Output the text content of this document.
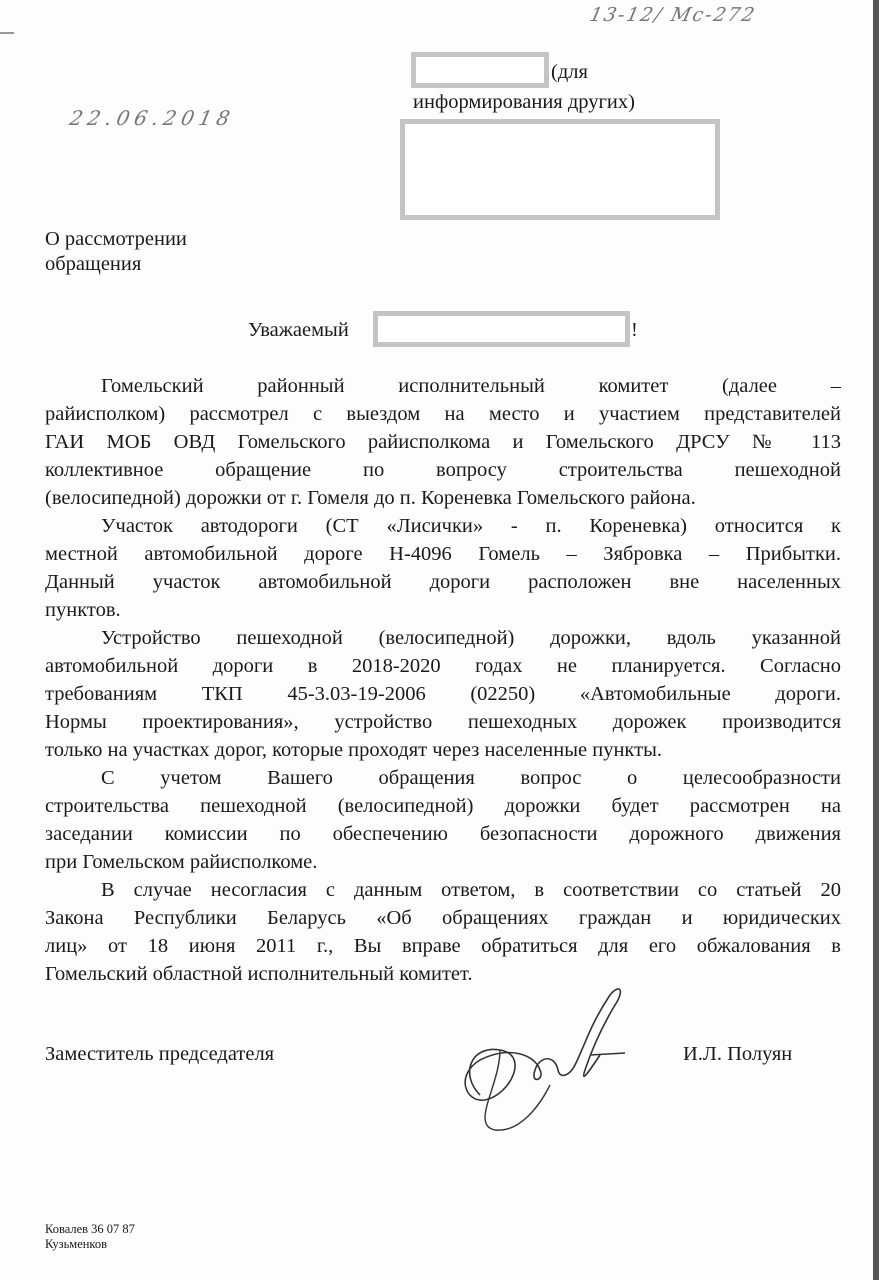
13-12/ Мс-272
22.06.2018
(для
информирования других)
О рассмотрении
обращения
Уважаемый	!
Гомельский районный исполнительный комитет (далее –
райисполком) рассмотрел с выездом на место и участием представителей
ГАИ МОБ ОВД Гомельского райисполкома и Гомельского ДРСУ № 113
коллективное обращение по вопросу строительства пешеходной
(велосипедной) дорожки от г. Гомеля до п. Кореневка Гомельского района.
Участок автодороги (СТ «Лисички» - п. Кореневка) относится к
местной автомобильной дороге Н-4096 Гомель – Зябровка – Прибытки.
Данный участок автомобильной дороги расположен вне населенных
пунктов.
Устройство пешеходной (велосипедной) дорожки, вдоль указанной
автомобильной дороги в 2018-2020 годах не планируется. Согласно
требованиям ТКП 45-3.03-19-2006 (02250) «Автомобильные дороги.
Нормы проектирования», устройство пешеходных дорожек производится
только на участках дорог, которые проходят через населенные пункты.
С учетом Вашего обращения вопрос о целесообразности
строительства пешеходной (велосипедной) дорожки будет рассмотрен на
заседании комиссии по обеспечению безопасности дорожного движения
при Гомельском райисполкоме.
В случае несогласия с данным ответом, в соответствии со статьей 20
Закона Республики Беларусь «Об обращениях граждан и юридических
лиц» от 18 июня 2011 г., Вы вправе обратиться для его обжалования в
Гомельский областной исполнительный комитет.
Заместитель председателя	И.Л. Полуян
Ковалев 36 07 87
Кузьменков
